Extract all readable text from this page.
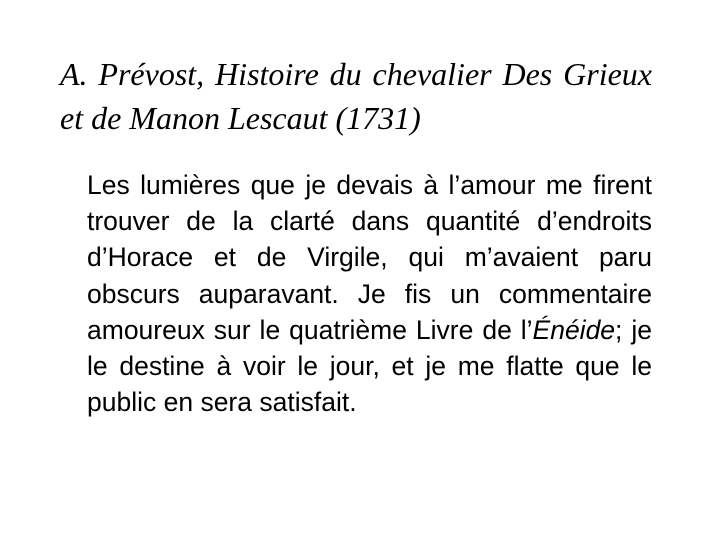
A. Prévost, Histoire du chevalier Des Grieux et de Manon Lescaut (1731)

Les lumières que je devais à l’amour me firent trouver de la clarté dans quantité d’endroits d’Horace et de Virgile, qui m’avaient paru obscurs auparavant. Je fis un commentaire amoureux sur le quatrième Livre de l’Énéide; je le destine à voir le jour, et je me flatte que le public en sera satisfait.
